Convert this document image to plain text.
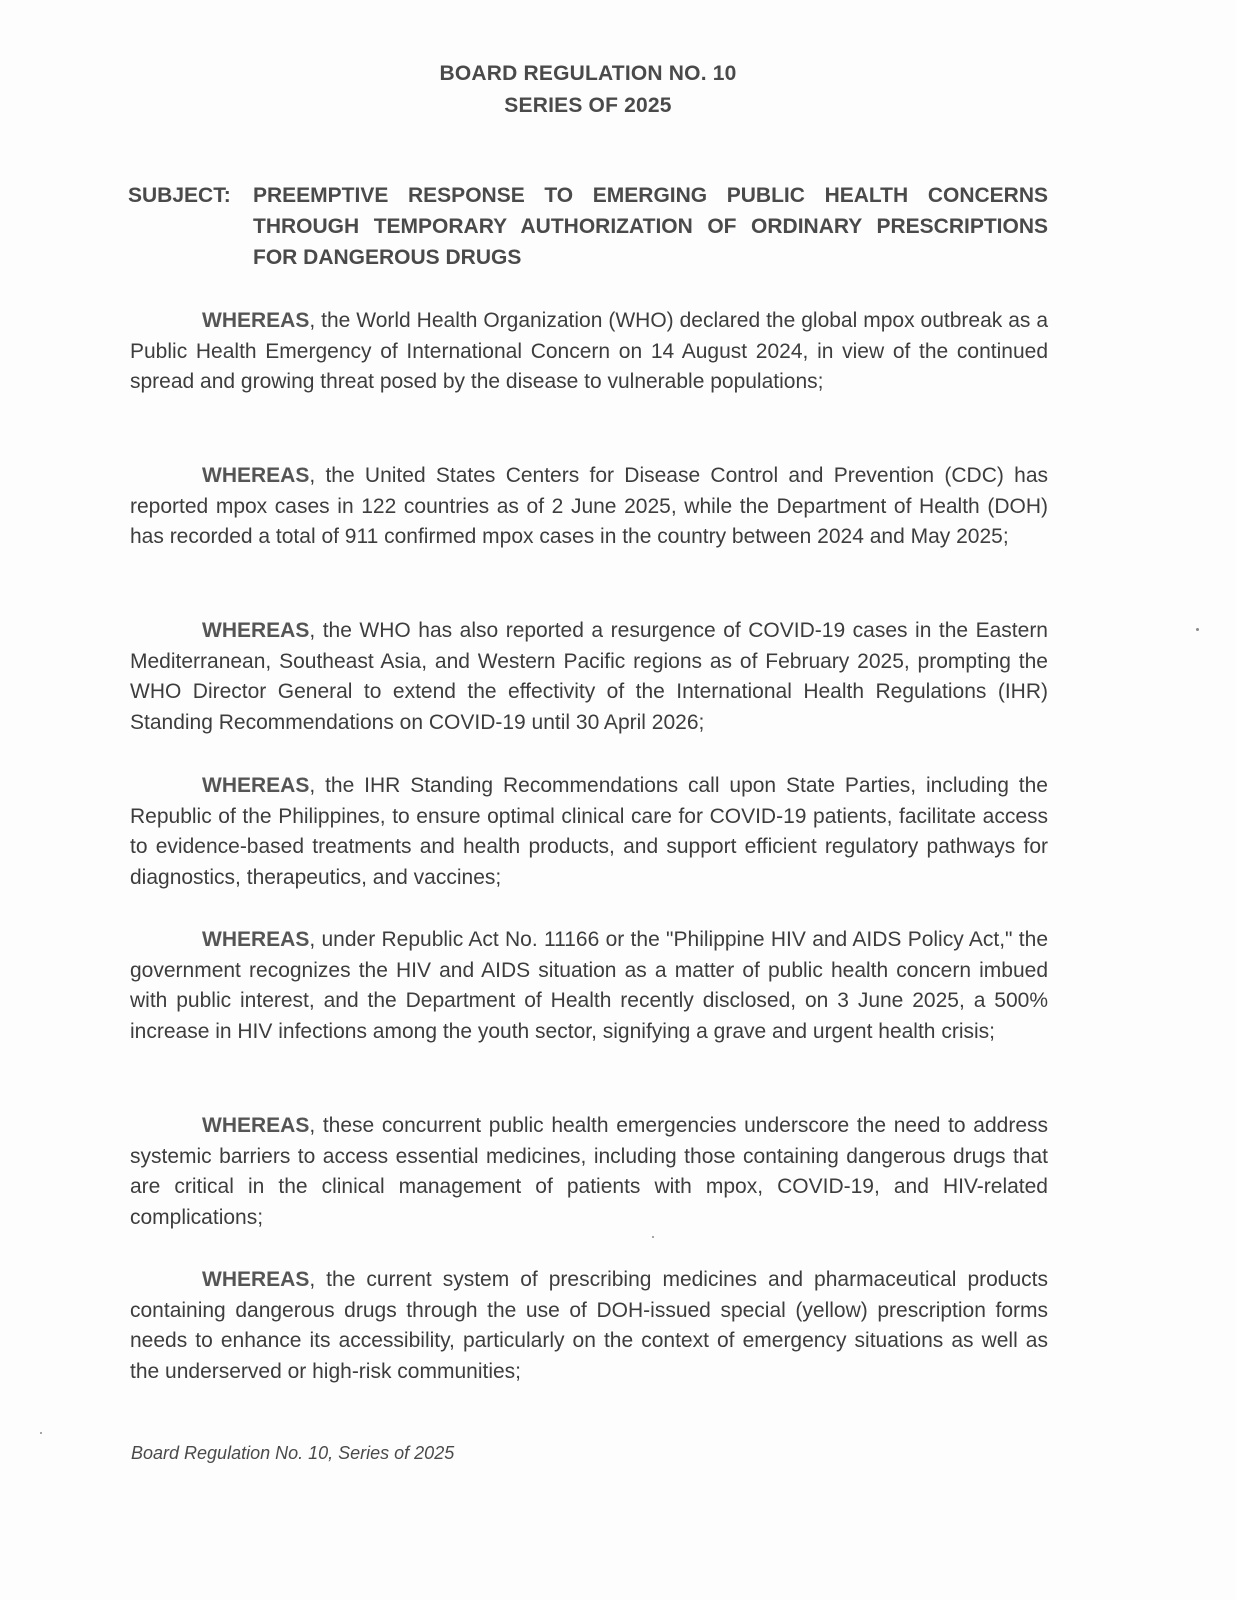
BOARD REGULATION NO. 10
SERIES OF 2025
SUBJECT: PREEMPTIVE RESPONSE TO EMERGING PUBLIC HEALTH CONCERNS THROUGH TEMPORARY AUTHORIZATION OF ORDINARY PRESCRIPTIONS FOR DANGEROUS DRUGS

WHEREAS, the World Health Organization (WHO) declared the global mpox outbreak as a Public Health Emergency of International Concern on 14 August 2024, in view of the continued spread and growing threat posed by the disease to vulnerable populations;

WHEREAS, the United States Centers for Disease Control and Prevention (CDC) has reported mpox cases in 122 countries as of 2 June 2025, while the Department of Health (DOH) has recorded a total of 911 confirmed mpox cases in the country between 2024 and May 2025;

WHEREAS, the WHO has also reported a resurgence of COVID-19 cases in the Eastern Mediterranean, Southeast Asia, and Western Pacific regions as of February 2025, prompting the WHO Director General to extend the effectivity of the International Health Regulations (IHR) Standing Recommendations on COVID-19 until 30 April 2026;

WHEREAS, the IHR Standing Recommendations call upon State Parties, including the Republic of the Philippines, to ensure optimal clinical care for COVID-19 patients, facilitate access to evidence-based treatments and health products, and support efficient regulatory pathways for diagnostics, therapeutics, and vaccines;

WHEREAS, under Republic Act No. 11166 or the "Philippine HIV and AIDS Policy Act," the government recognizes the HIV and AIDS situation as a matter of public health concern imbued with public interest, and the Department of Health recently disclosed, on 3 June 2025, a 500% increase in HIV infections among the youth sector, signifying a grave and urgent health crisis;

WHEREAS, these concurrent public health emergencies underscore the need to address systemic barriers to access essential medicines, including those containing dangerous drugs that are critical in the clinical management of patients with mpox, COVID-19, and HIV-related complications;

WHEREAS, the current system of prescribing medicines and pharmaceutical products containing dangerous drugs through the use of DOH-issued special (yellow) prescription forms needs to enhance its accessibility, particularly on the context of emergency situations as well as the underserved or high-risk communities;

Board Regulation No. 10, Series of 2025
